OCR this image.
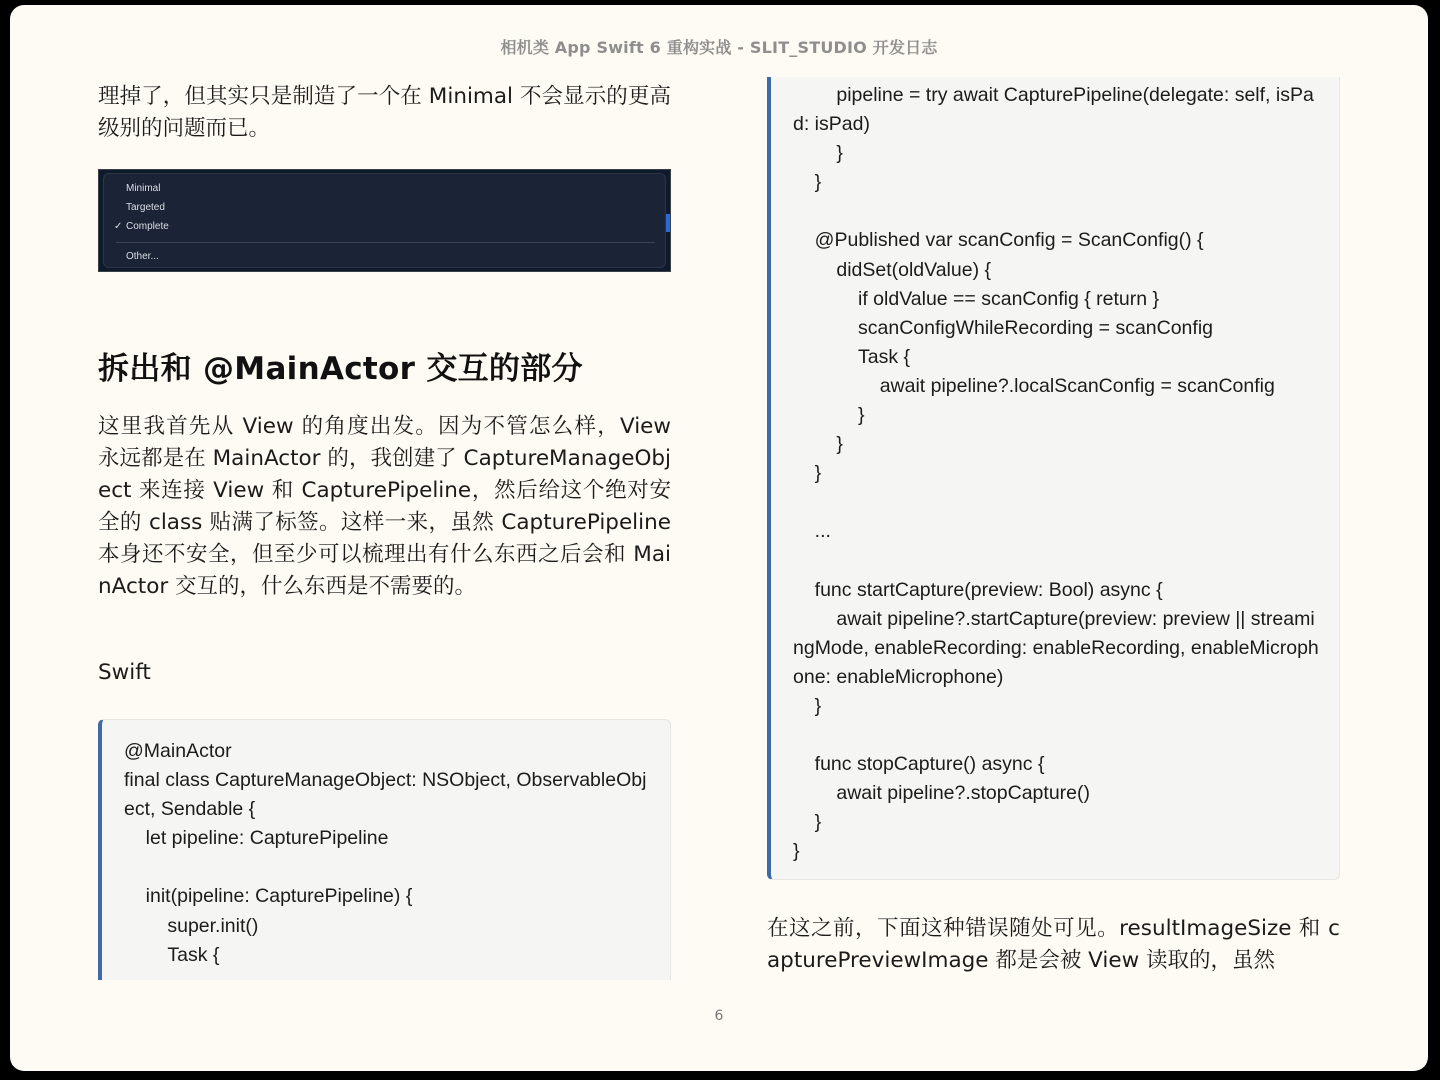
相机类 App Swift 6 重构实战 - SLIT_STUDIO 开发日志

理掉了，但其实只是制造了一个在 Minimal 不会显示的更高级别的问题而已。

Minimal
Targeted
✓ Complete
Other...
拆出和 @MainActor 交互的部分

这里我首先从 View 的角度出发。因为不管怎么样，View 永远都是在 MainActor 的，我创建了 CaptureManageObject 来连接 View 和 CapturePipeline，然后给这个绝对安全的 class 贴满了标签。这样一来，虽然 CapturePipeline 本身还不安全，但至少可以梳理出有什么东西之后会和 MainActor 交互的，什么东西是不需要的。

Swift
@MainActor
final class CaptureManageObject: NSObject, ObservableObject, Sendable {
let pipeline: CapturePipeline

init(pipeline: CapturePipeline) {
super.init()
Task {
pipeline = try await CapturePipeline(delegate: self, isPad: isPad)
}
}

@Published var scanConfig = ScanConfig() {
didSet(oldValue) {
if oldValue == scanConfig { return }
scanConfigWhileRecording = scanConfig
Task {
await pipeline?.localScanConfig = scanConfig
}
}
}

...

func startCapture(preview: Bool) async {
await pipeline?.startCapture(preview: preview || streamingMode, enableRecording: enableRecording, enableMicrophone: enableMicrophone)
}

func stopCapture() async {
await pipeline?.stopCapture()
}
}

在这之前，下面这种错误随处可见。resultImageSize 和 capturePreviewImage 都是会被 View 读取的，虽然

6
